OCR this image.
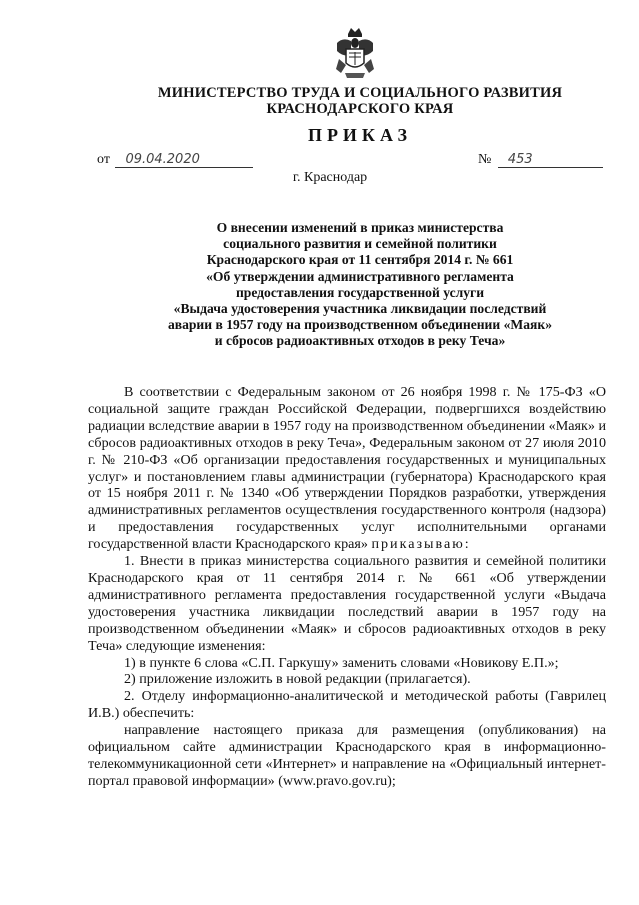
МИНИСТЕРСТВО ТРУДА И СОЦИАЛЬНОГО РАЗВИТИЯ
КРАСНОДАРСКОГО КРАЯ
ПРИКАЗ
от 09.04.2020	№ 453
г. Краснодар
О внесении изменений в приказ министерства
социального развития и семейной политики
Краснодарского края от 11 сентября 2014 г. № 661
«Об утверждении административного регламента
предоставления государственной услуги
«Выдача удостоверения участника ликвидации последствий
аварии в 1957 году на производственном объединении «Маяк»
и сбросов радиоактивных отходов в реку Теча»

В соответствии с Федеральным законом от 26 ноября 1998 г. № 175-ФЗ «О социальной защите граждан Российской Федерации, подвергшихся воздействию радиации вследствие аварии в 1957 году на производственном объединении «Маяк» и сбросов радиоактивных отходов в реку Теча», Федеральным законом от 27 июля 2010 г. № 210-ФЗ «Об организации предоставления государственных и муниципальных услуг» и постановлением главы администрации (губернатора) Краснодарского края от 15 ноября 2011 г. № 1340 «Об утверждении Порядков разработки, утверждения административных регламентов осуществления государственного контроля (надзора) и предоставления государственных услуг исполнительными органами государственной власти Краснодарского края» приказываю:

1. Внести в приказ министерства социального развития и семейной политики Краснодарского края от 11 сентября 2014 г. № 661 «Об утверждении административного регламента предоставления государственной услуги «Выдача удостоверения участника ликвидации последствий аварии в 1957 году на производственном объединении «Маяк» и сбросов радиоактивных отходов в реку Теча» следующие изменения:

1) в пункте 6 слова «С.П. Гаркушу» заменить словами «Новикову Е.П.»;

2) приложение изложить в новой редакции (прилагается).

2. Отделу информационно-аналитической и методической работы (Гаврилец И.В.) обеспечить:

направление настоящего приказа для размещения (опубликования) на официальном сайте администрации Краснодарского края в информационно-телекоммуникационной сети «Интернет» и направление на «Официальный интернет-портал правовой информации» (www.pravo.gov.ru);
